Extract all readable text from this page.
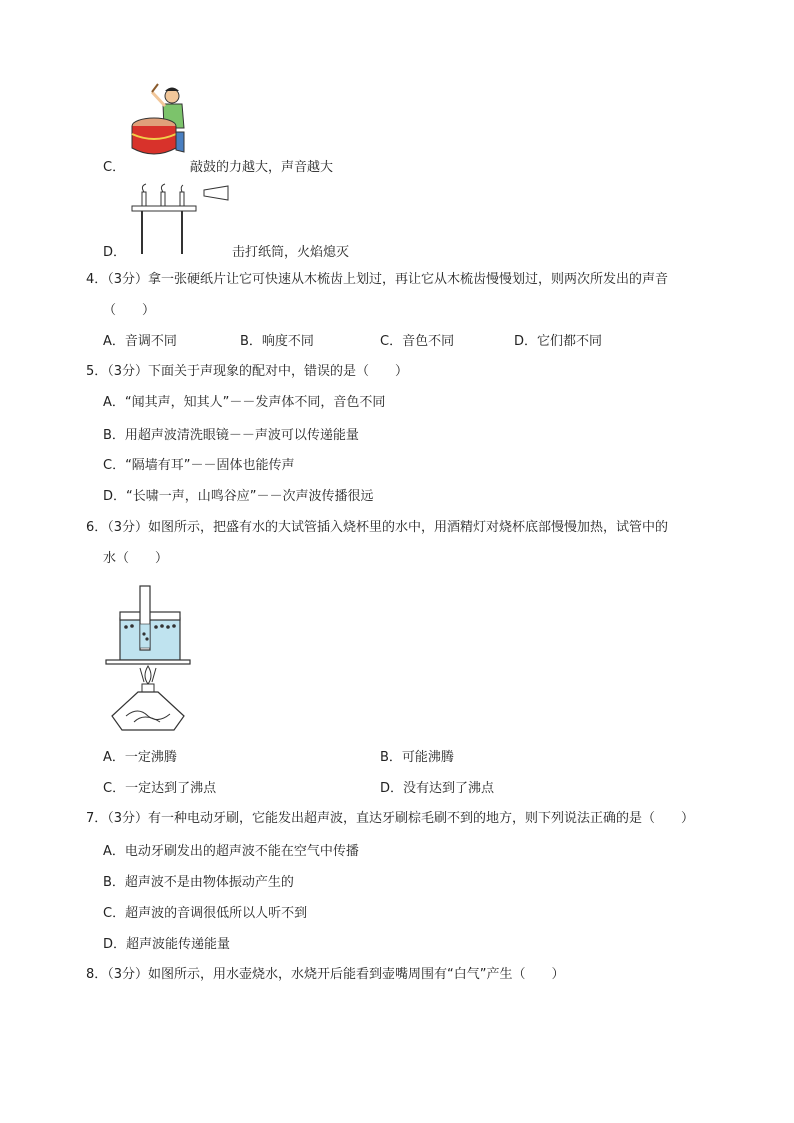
C．	敲鼓的力越大，声音越大
D．	击打纸筒，火焰熄灭
4．（3分）拿一张硬纸片让它可快速从木梳齿上划过，再让它从木梳齿慢慢划过，则两次所发出的声音
（　　）
A．音调不同	B．响度不同	C．音色不同	D．它们都不同
5．（3分）下面关于声现象的配对中，错误的是（　　）
A．“闻其声，知其人”－－发声体不同，音色不同
B．用超声波清洗眼镜－－声波可以传递能量
C．“隔墙有耳”－－固体也能传声
D．“长啸一声，山鸣谷应”－－次声波传播很远
6．（3分）如图所示，把盛有水的大试管插入烧杯里的水中，用酒精灯对烧杯底部慢慢加热，试管中的
水（　　）
A．一定沸腾	B．可能沸腾
C．一定达到了沸点	D．没有达到了沸点
7．（3分）有一种电动牙刷，它能发出超声波，直达牙刷棕毛刷不到的地方，则下列说法正确的是（　　）
A．电动牙刷发出的超声波不能在空气中传播
B．超声波不是由物体振动产生的
C．超声波的音调很低所以人听不到
D．超声波能传递能量
8．（3分）如图所示，用水壶烧水，水烧开后能看到壶嘴周围有“白气”产生（　　）
